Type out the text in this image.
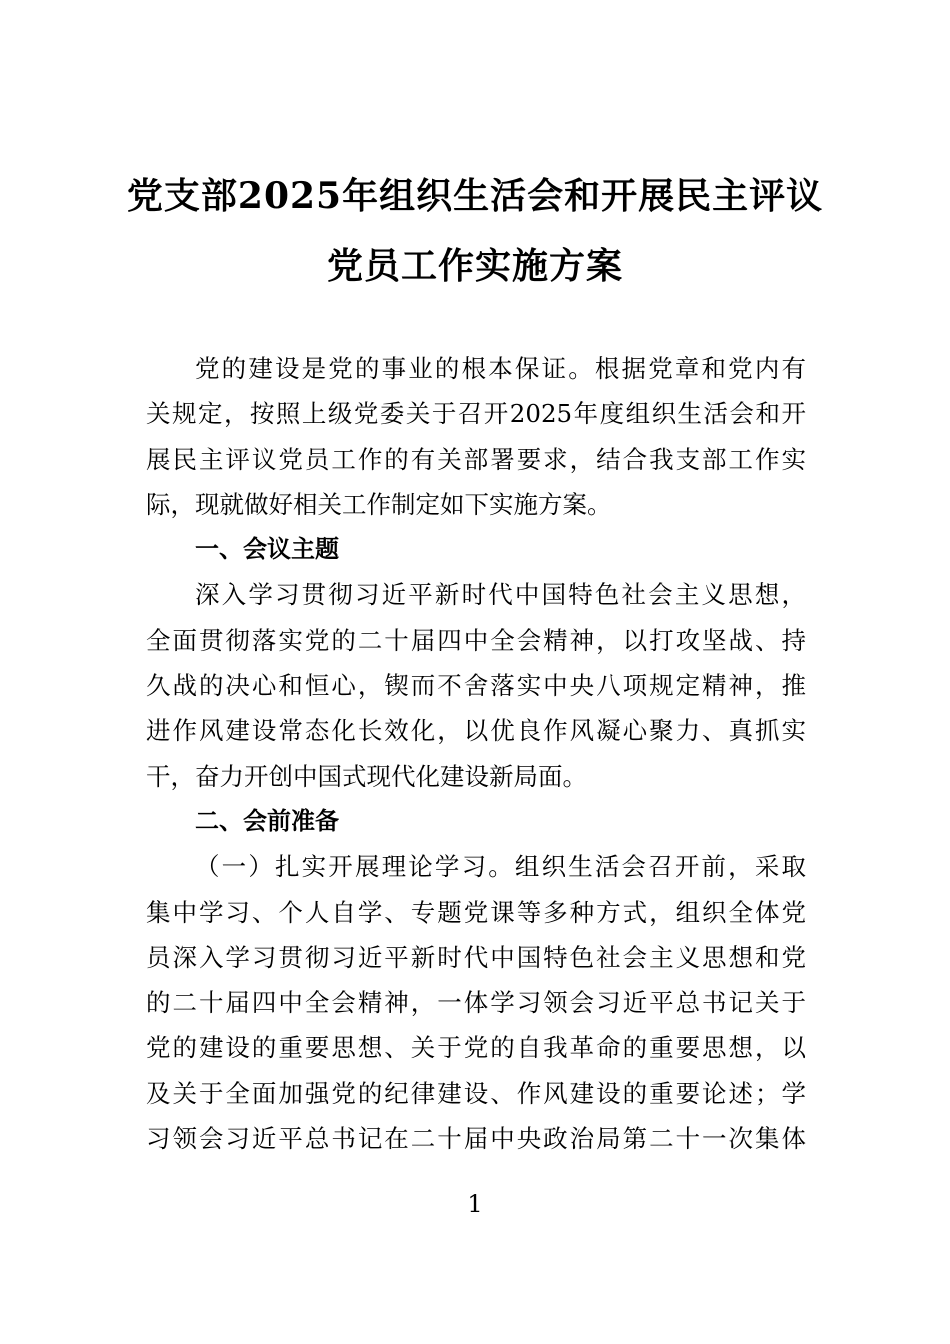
党支部2025年组织生活会和开展民主评议
党员工作实施方案
党的建设是党的事业的根本保证。根据党章和党内有
关规定，按照上级党委关于召开2025年度组织生活会和开
展民主评议党员工作的有关部署要求，结合我支部工作实
际，现就做好相关工作制定如下实施方案。
一、会议主题
深入学习贯彻习近平新时代中国特色社会主义思想，
全面贯彻落实党的二十届四中全会精神，以打攻坚战、持
久战的决心和恒心，锲而不舍落实中央八项规定精神，推
进作风建设常态化长效化，以优良作风凝心聚力、真抓实
干，奋力开创中国式现代化建设新局面。
二、会前准备
（一）扎实开展理论学习。组织生活会召开前，采取
集中学习、个人自学、专题党课等多种方式，组织全体党
员深入学习贯彻习近平新时代中国特色社会主义思想和党
的二十届四中全会精神，一体学习领会习近平总书记关于
党的建设的重要思想、关于党的自我革命的重要思想，以
及关于全面加强党的纪律建设、作风建设的重要论述；学
习领会习近平总书记在二十届中央政治局第二十一次集体
1
